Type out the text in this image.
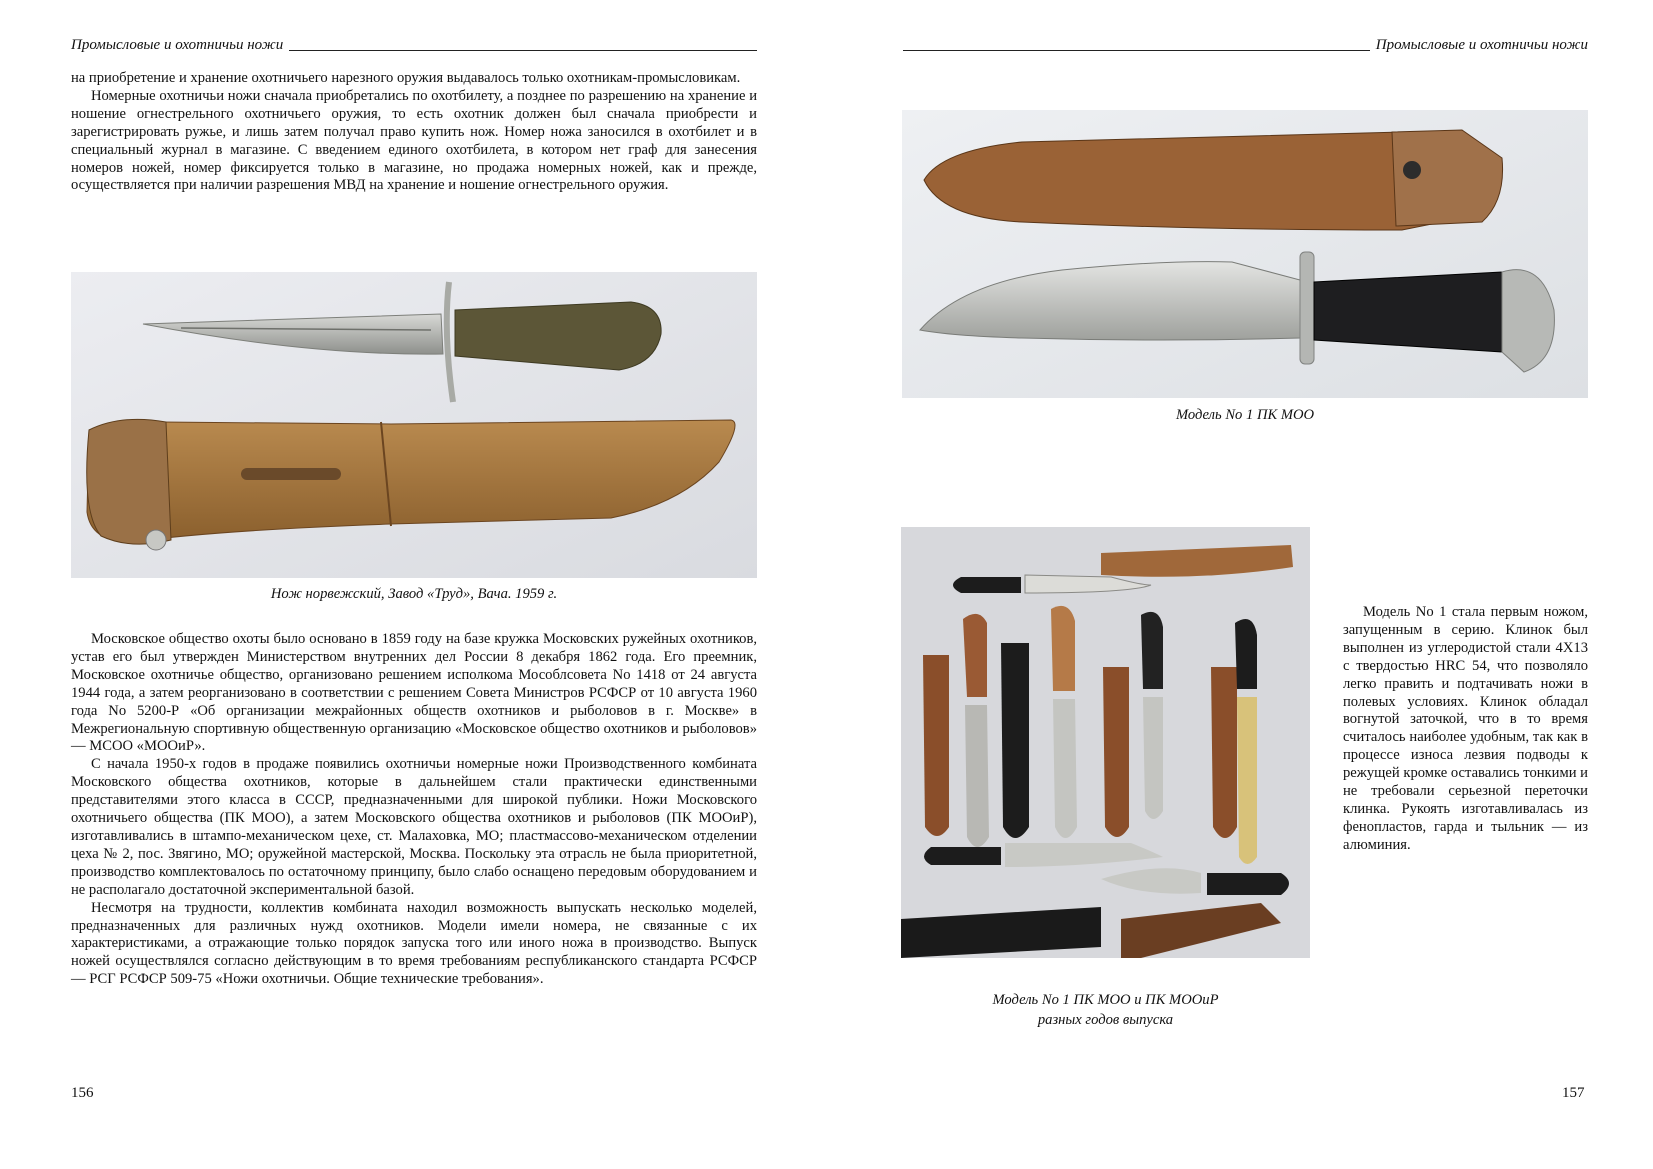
Промысловые и охотничьи ножи

на приобретение и хранение охотничьего нарезного оружия выдавалось только охотникам-промысловикам.

Номерные охотничьи ножи сначала приобретались по охотбилету, а позднее по разрешению на хранение и ношение огнестрельного охотничьего оружия, то есть охотник должен был сначала приобрести и зарегистрировать ружье, и лишь затем получал право купить нож. Номер ножа заносился в охотбилет и в специальный журнал в магазине. С введением единого охотбилета, в котором нет граф для занесения номеров ножей, номер фиксируется только в магазине, но продажа номерных ножей, как и прежде, осуществляется при наличии разрешения МВД на хранение и ношение огнестрельного оружия.

Нож норвежский, Завод «Труд», Вача. 1959 г.

Московское общество охоты было основано в 1859 году на базе кружка Московских ружейных охотников, устав его был утвержден Министерством внутренних дел России 8 декабря 1862 года. Его преемник, Московское охотничье общество, организовано решением исполкома Мособлсовета No 1418 от 24 августа 1944 года, а затем реорганизовано в соответствии с решением Совета Министров РСФСР от 10 августа 1960 года No 5200-Р «Об организации межрайонных обществ охотников и рыболовов в г. Москве» в Межрегиональную спортивную общественную организацию «Московское общество охотников и рыболовов» — МСОО «МООиР».

С начала 1950-х годов в продаже появились охотничьи номерные ножи Производственного комбината Московского общества охотников, которые в дальнейшем стали практически единственными представителями этого класса в СССР, предназначенными для широкой публики. Ножи Московского охотничьего общества (ПК МОО), а затем Московского общества охотников и рыболовов (ПК МООиР), изготавливались в штампо-механическом цехе, ст. Малаховка, МО; пластмассово-механическом отделении цеха № 2, пос. Звягино, МО; оружейной мастерской, Москва. Поскольку эта отрасль не была приоритетной, производство комплектовалось по остаточному принципу, было слабо оснащено передовым оборудованием и не располагало достаточной экспериментальной базой.

Несмотря на трудности, коллектив комбината находил возможность выпускать несколько моделей, предназначенных для различных нужд охотников. Модели имели номера, не связанные с их характеристиками, а отражающие только порядок запуска того или иного ножа в производство. Выпуск ножей осуществлялся согласно действующим в то время требованиям республиканского стандарта РСФСР — РСГ РСФСР 509-75 «Ножи охотничьи. Общие технические требования».

156
Промысловые и охотничьи ножи
Модель No 1 ПК МОО
Модель No 1 ПК МОО и ПК МООиР
разных годов выпуска

Модель No 1 стала первым ножом, запущенным в серию. Клинок был выполнен из углеродистой стали 4Х13 с твердостью HRC 54, что позволяло легко править и подтачивать ножи в полевых условиях. Клинок обладал вогнутой заточкой, что в то время считалось наиболее удобным, так как в процессе износа лезвия подводы к режущей кромке оставались тонкими и не требовали серьезной переточки клинка. Рукоять изготавливалась из фенопластов, гарда и тыльник — из алюминия.

157
